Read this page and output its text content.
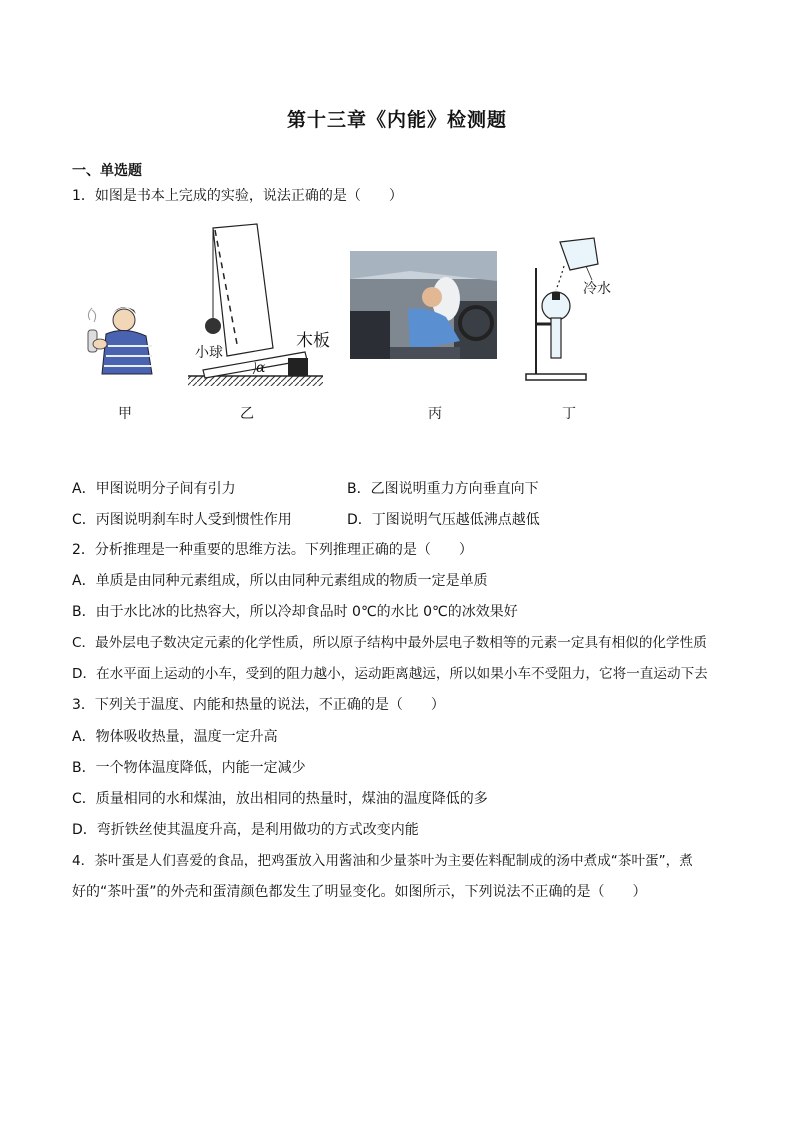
第十三章《内能》检测题
一、单选题
1．如图是书本上完成的实验，说法正确的是（　　）
小球
木板
α
冷水
甲	乙	丙	丁
A．甲图说明分子间有引力	B．乙图说明重力方向垂直向下
C．丙图说明刹车时人受到惯性作用	D．丁图说明气压越低沸点越低
2．分析推理是一种重要的思维方法。下列推理正确的是（　　）
A．单质是由同种元素组成，所以由同种元素组成的物质一定是单质
B．由于水比冰的比热容大，所以冷却食品时 0℃的水比 0℃的冰效果好
C．最外层电子数决定元素的化学性质，所以原子结构中最外层电子数相等的元素一定具有相似的化学性质
D．在水平面上运动的小车，受到的阻力越小，运动距离越远，所以如果小车不受阻力，它将一直运动下去
3．下列关于温度、内能和热量的说法，不正确的是（　　）
A．物体吸收热量，温度一定升高
B．一个物体温度降低，内能一定减少
C．质量相同的水和煤油，放出相同的热量时，煤油的温度降低的多
D．弯折铁丝使其温度升高，是利用做功的方式改变内能
4．茶叶蛋是人们喜爱的食品，把鸡蛋放入用酱油和少量茶叶为主要佐料配制成的汤中煮成“茶叶蛋”，煮
好的“茶叶蛋”的外壳和蛋清颜色都发生了明显变化。如图所示，下列说法不正确的是（　　）
